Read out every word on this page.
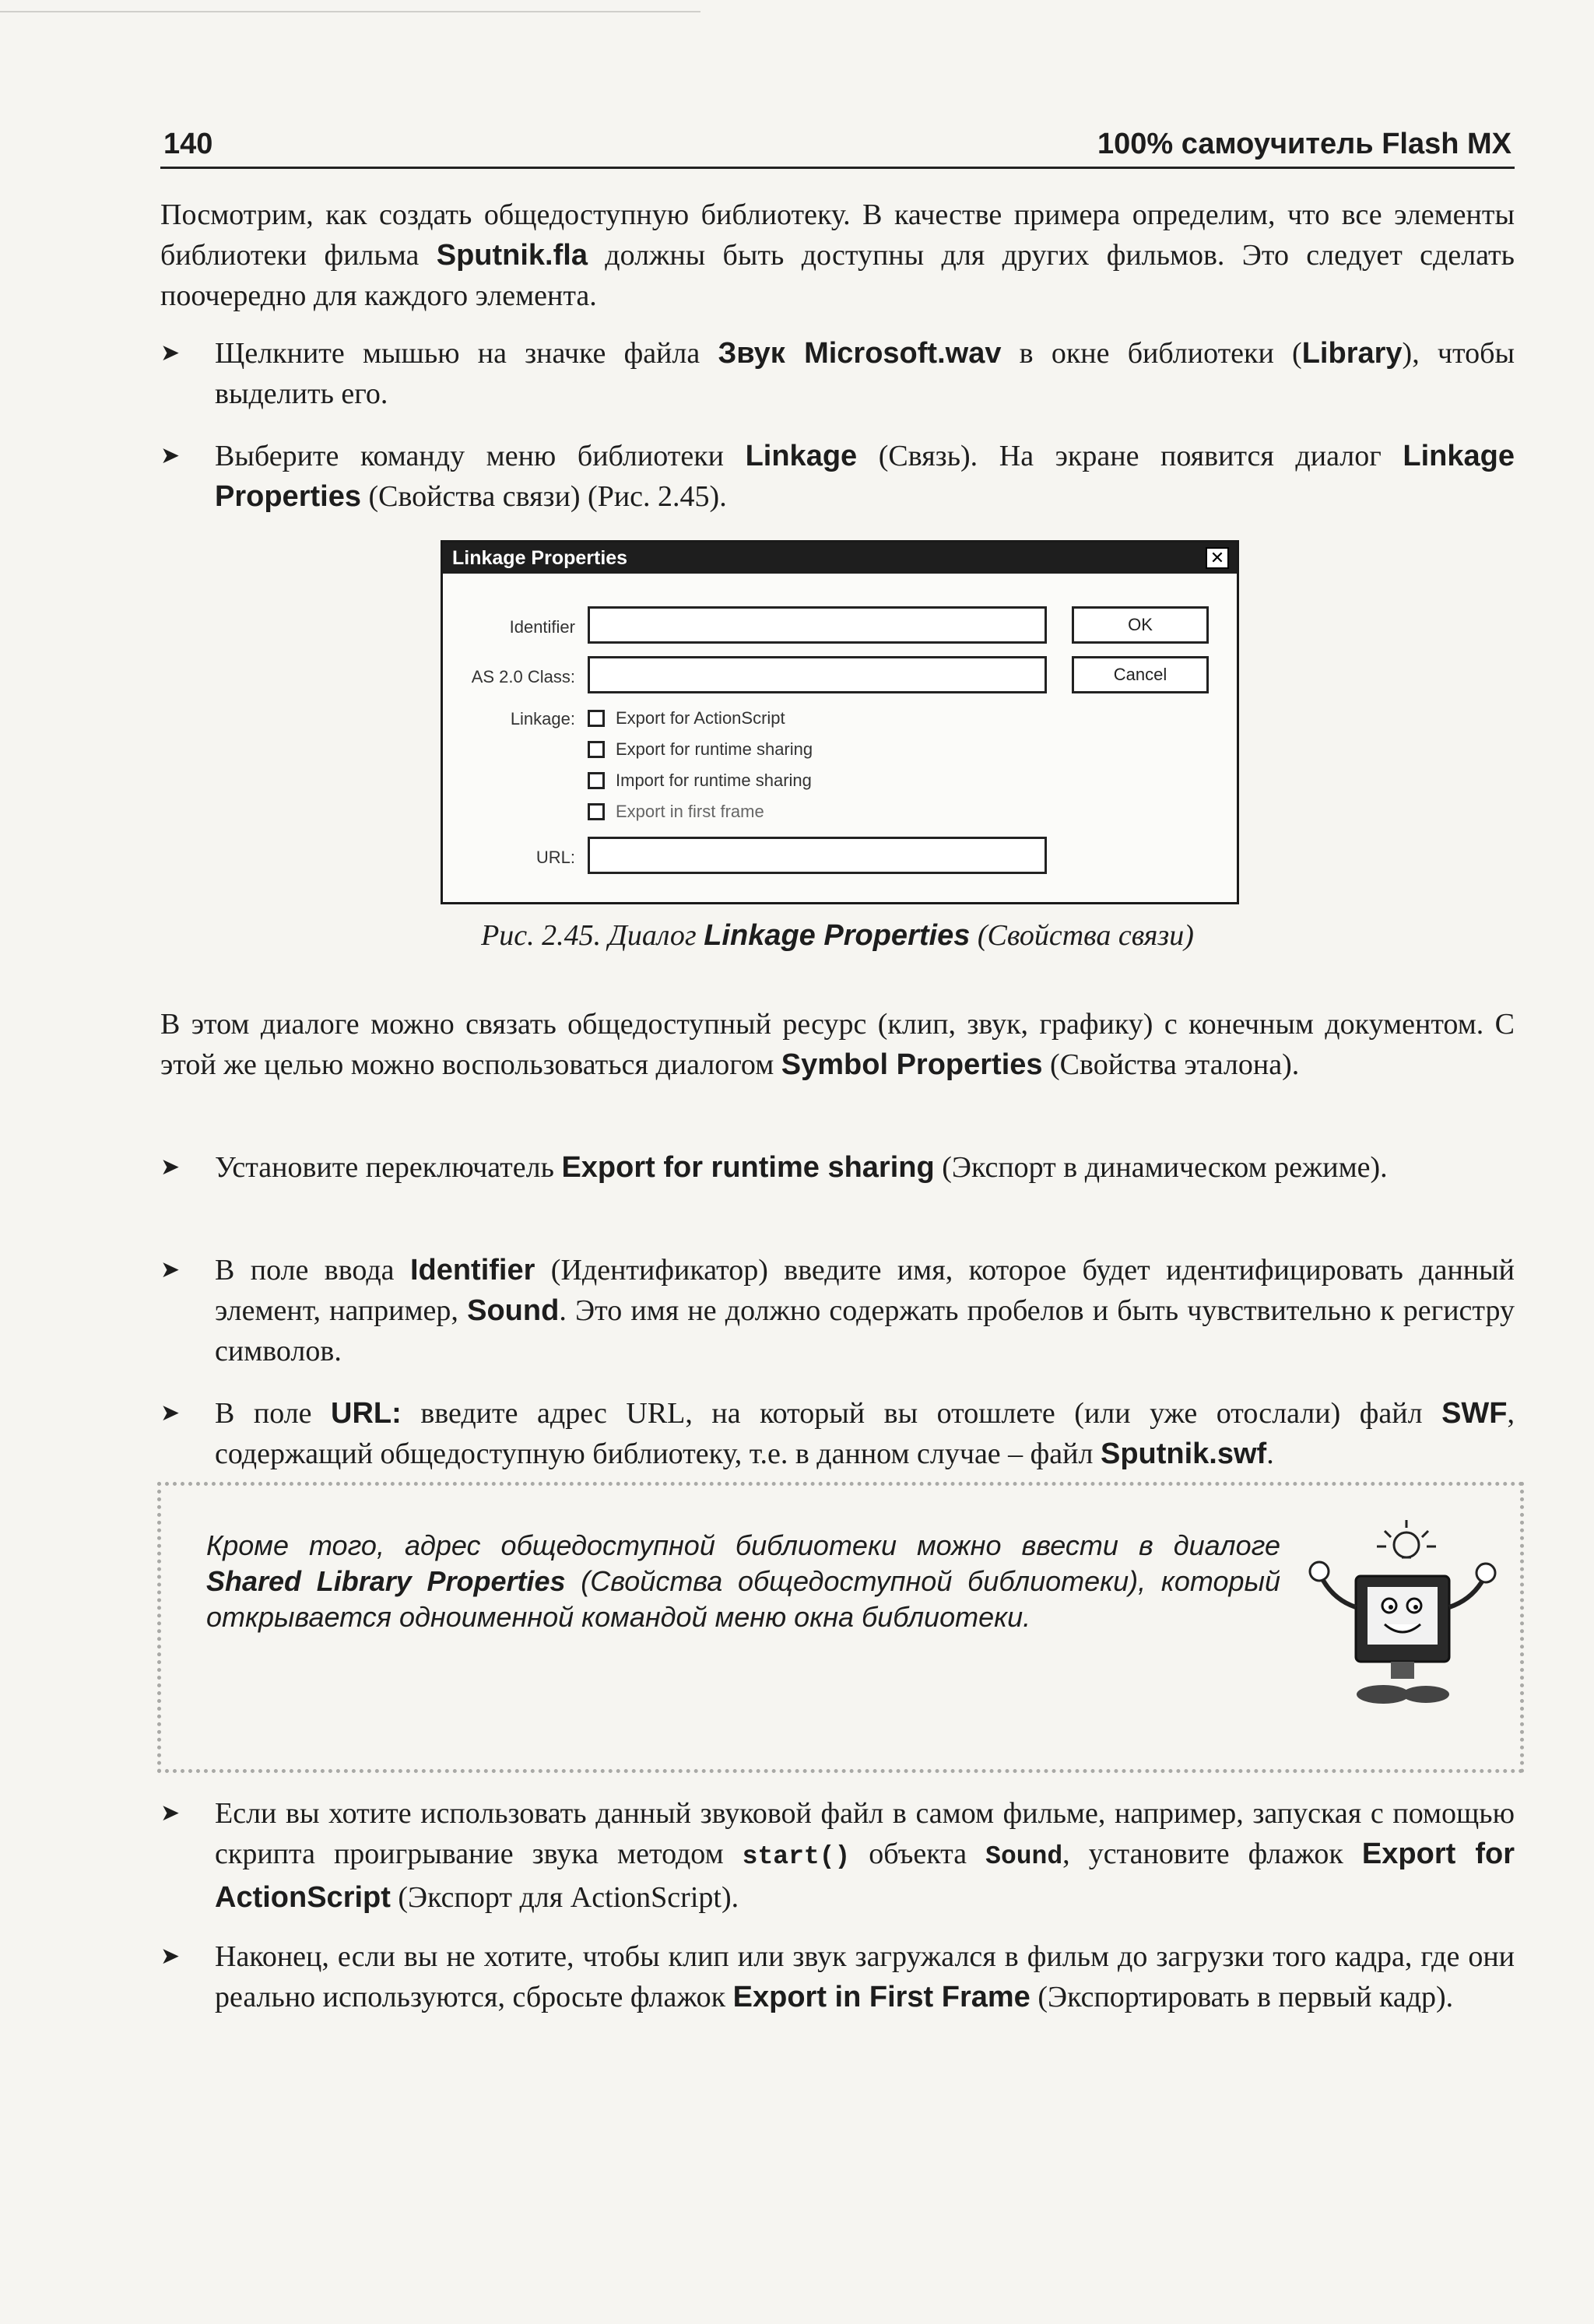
140	100% самоучитель Flash MX
Посмотрим, как создать общедоступную библиотеку. В качестве примера определим, что все элементы библиотеки фильма Sputnik.fla должны быть доступны для других фильмов. Это следует сделать поочередно для каждого элемента.
➤	Щелкните мышью на значке файла Звук Microsoft.wav в окне библиотеки (Library), чтобы выделить его.
➤	Выберите команду меню библиотеки Linkage (Связь). На экране появится диалог Linkage Properties (Свойства связи) (Рис. 2.45).
Linkage Properties	✕
Identifier	OK
AS 2.0 Class:	Cancel
Linkage: Export for ActionScript
Export for runtime sharing
Import for runtime sharing
Export in first frame
URL:
Рис. 2.45. Диалог Linkage Properties (Свойства связи)
В этом диалоге можно связать общедоступный ресурс (клип, звук, графику) с конечным документом. С этой же целью можно воспользоваться диалогом Symbol Properties (Свойства эталона).
➤	Установите переключатель Export for runtime sharing (Экспорт в динамическом режиме).
➤	В поле ввода Identifier (Идентификатор) введите имя, которое будет идентифицировать данный элемент, например, Sound. Это имя не должно содержать пробелов и быть чувствительно к регистру символов.
➤	В поле URL: введите адрес URL, на который вы отошлете (или уже отослали) файл SWF, содержащий общедоступную библиотеку, т.е. в данном случае – файл Sputnik.swf.
Кроме того, адрес общедоступной библиотеки можно ввести в диалоге Shared Library Properties (Свойства общедоступной библиотеки), который открывается одноименной командой меню окна библиотеки.
➤	Если вы хотите использовать данный звуковой файл в самом фильме, например, запуская с помощью скрипта проигрывание звука методом start() объекта Sound, установите флажок Export for ActionScript (Экспорт для ActionScript).
➤	Наконец, если вы не хотите, чтобы клип или звук загружался в фильм до загрузки того кадра, где они реально используются, сбросьте флажок Export in First Frame (Экспортировать в первый кадр).
